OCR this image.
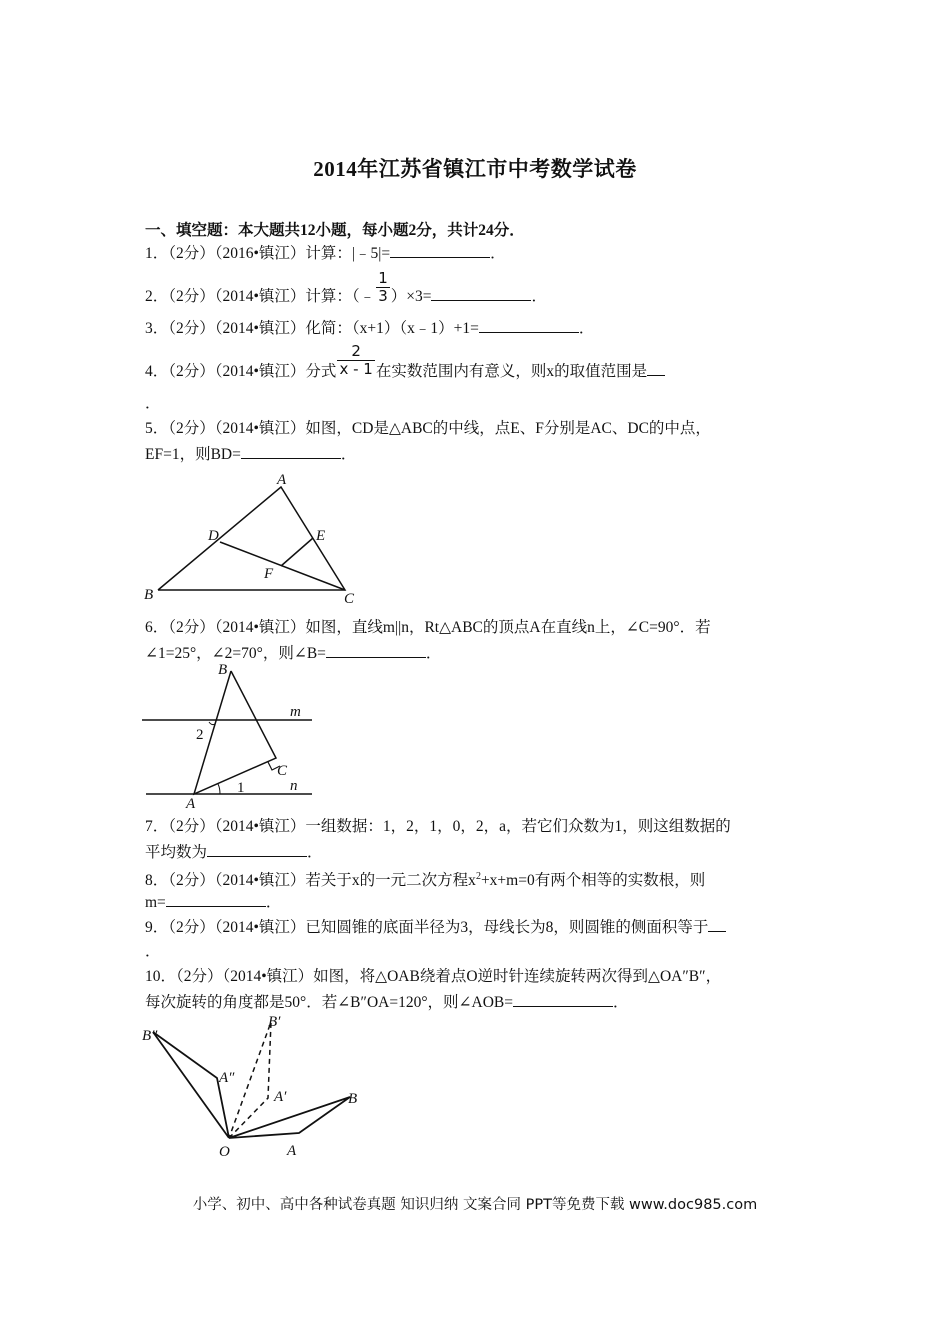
2014年江苏省镇江市中考数学试卷
一、填空题：本大题共12小题，每小题2分，共计24分．
1．（2分）（2016•镇江）计算：|﹣5|=	．
2．（2分）（2014•镇江）计算：（﹣ $\frac{1}{3} )\times 3=$	．
3．（2分）（2014•镇江）化简：（x+1）（x﹣1）+1=	．
4．（2分）（2014•镇江）分式 $\frac{2}{x - 1}$ 在实数范围内有意义，则x的取值范围是
．
5．（2分）（2014•镇江）如图，CD是△ABC的中线，点E、F分别是AC、DC的中点，
EF=1，则BD=	．
A
B	C
D	E
F
6．（2分）（2014•镇江）如图，直线m||n，Rt△ABC的顶点A在直线n上，∠C=90°．若
∠1=25°，∠2=70°，则∠B=	．
B
C
A
m
n
1
2
7．（2分）（2014•镇江）一组数据：1，2，1，0，2，a，若它们众数为1，则这组数据的
平均数为	．
8．（2分）（2014•镇江）若关于x的一元二次方程$x^2+x+m=0$有两个相等的实数根，则
m=	．
9．（2分）（2014•镇江）已知圆锥的底面半径为3，母线长为8，则圆锥的侧面积等于
．
10．（2分）（2014•镇江）如图，将△OAB绕着点O逆时针连续旋转两次得到△OA″B″，
每次旋转的角度都是50°．若∠B″OA=120°，则∠AOB=	．
B″
B′
A″
A′	B
O	A
小学、初中、高中各种试卷真题 知识归纳 文案合同 PPT等免费下载 www.doc985.com
